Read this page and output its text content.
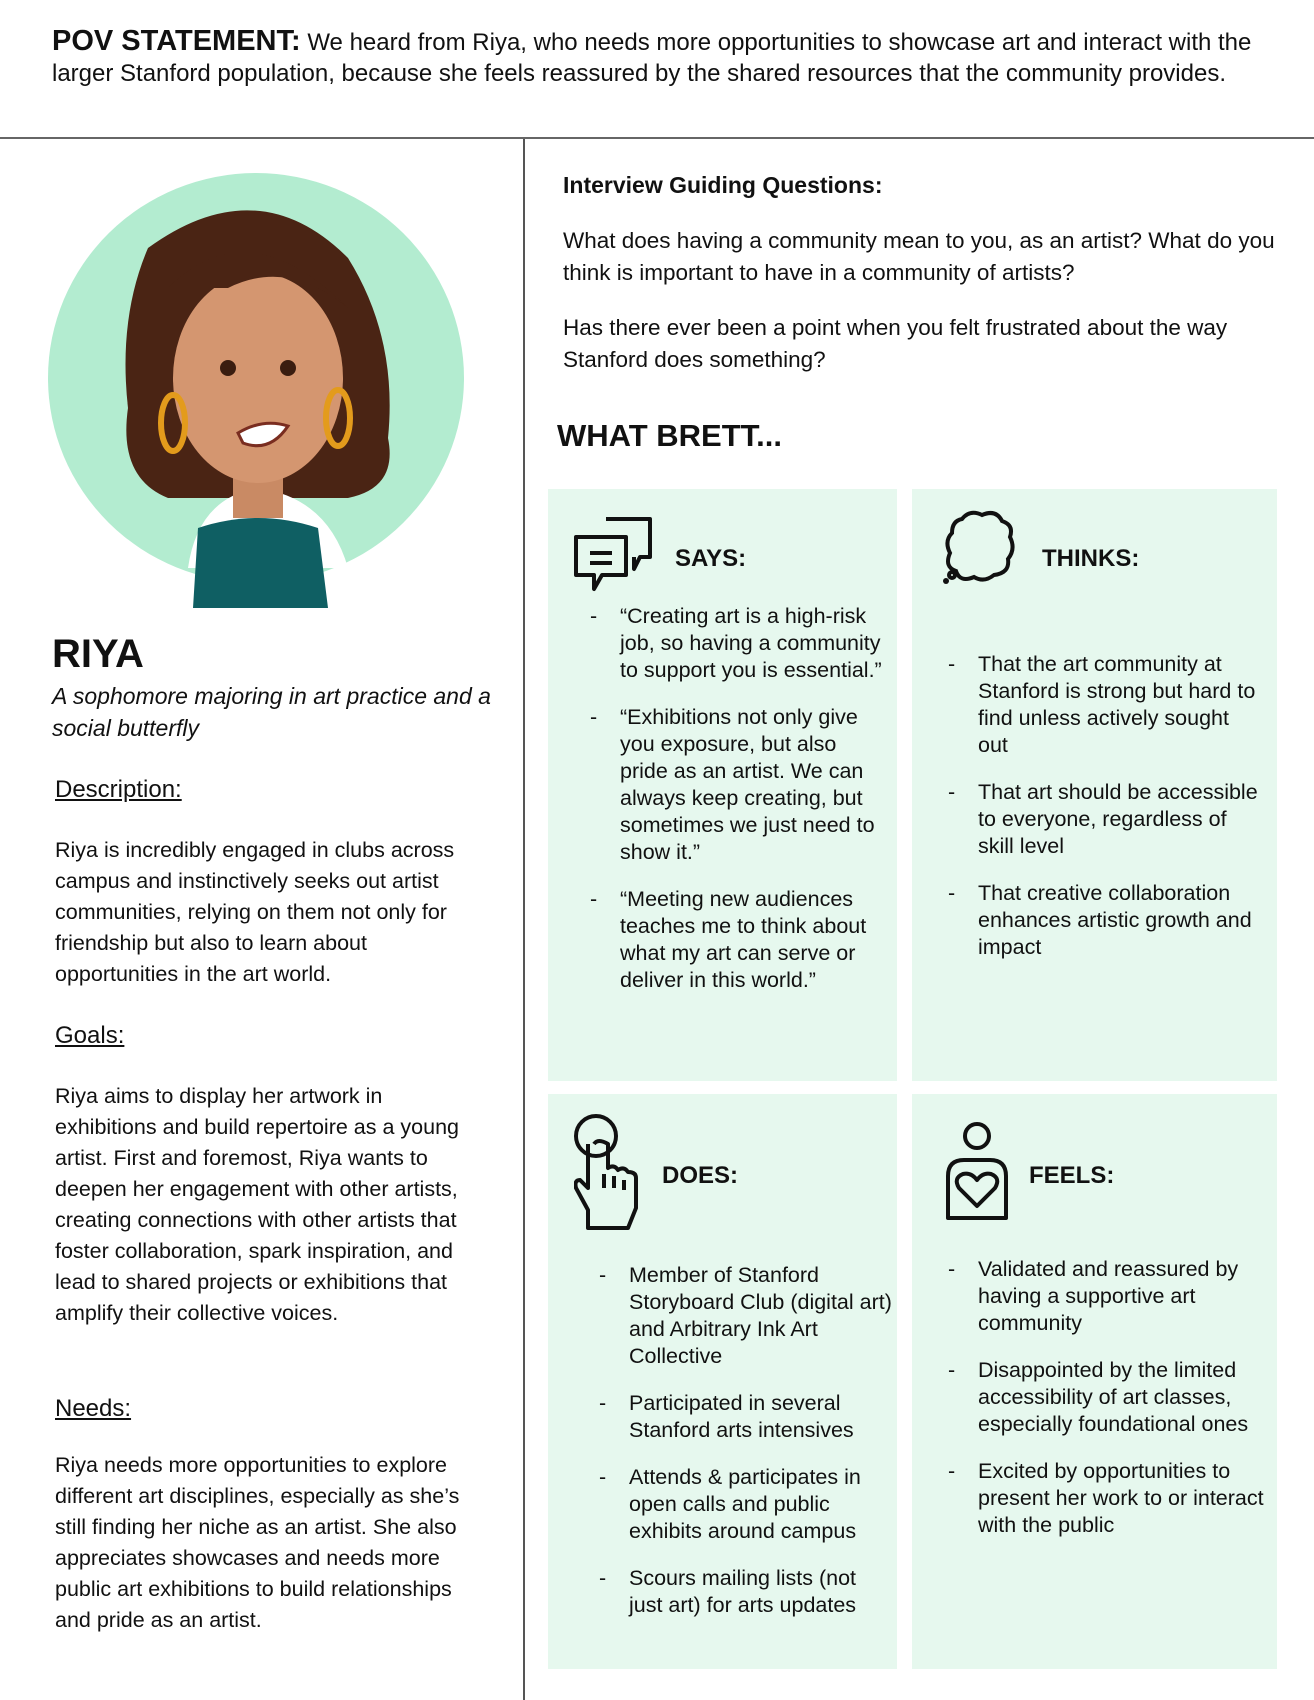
POV STATEMENT: We heard from Riya, who needs more opportunities to showcase art and interact with the larger Stanford population, because she feels reassured by the shared resources that the community provides.

RIYA
A sophomore majoring in art practice and a social butterfly
Description:
Riya is incredibly engaged in clubs across campus and instinctively seeks out artist communities, relying on them not only for friendship but also to learn about opportunities in the art world.
Goals:
Riya aims to display her artwork in exhibitions and build repertoire as a young artist. First and foremost, Riya wants to deepen her engagement with other artists, creating connections with other artists that foster collaboration, spark inspiration, and lead to shared projects or exhibitions that amplify their collective voices.
Needs:
Riya needs more opportunities to explore different art disciplines, especially as she’s still finding her niche as an artist. She also appreciates showcases and needs more public art exhibitions to build relationships and pride as an artist.
Interview Guiding Questions:
What does having a community mean to you, as an artist? What do you think is important to have in a community of artists?
Has there ever been a point when you felt frustrated about the way Stanford does something?
WHAT BRETT...
SAYS:
- “Creating art is a high-risk job, so having a community to support you is essential.”
- “Exhibitions not only give you exposure, but also pride as an artist. We can always keep creating, but sometimes we just need to show it.”
- “Meeting new audiences teaches me to think about what my art can serve or deliver in this world.”
THINKS:
- That the art community at Stanford is strong but hard to find unless actively sought out
- That art should be accessible to everyone, regardless of skill level
- That creative collaboration enhances artistic growth and impact
DOES:
- Member of Stanford Storyboard Club (digital art) and Arbitrary Ink Art Collective
- Participated in several Stanford arts intensives
- Attends & participates in open calls and public exhibits around campus
- Scours mailing lists (not just art) for arts updates
FEELS:
- Validated and reassured by having a supportive art community
- Disappointed by the limited accessibility of art classes, especially foundational ones
- Excited by opportunities to present her work to or interact with the public
